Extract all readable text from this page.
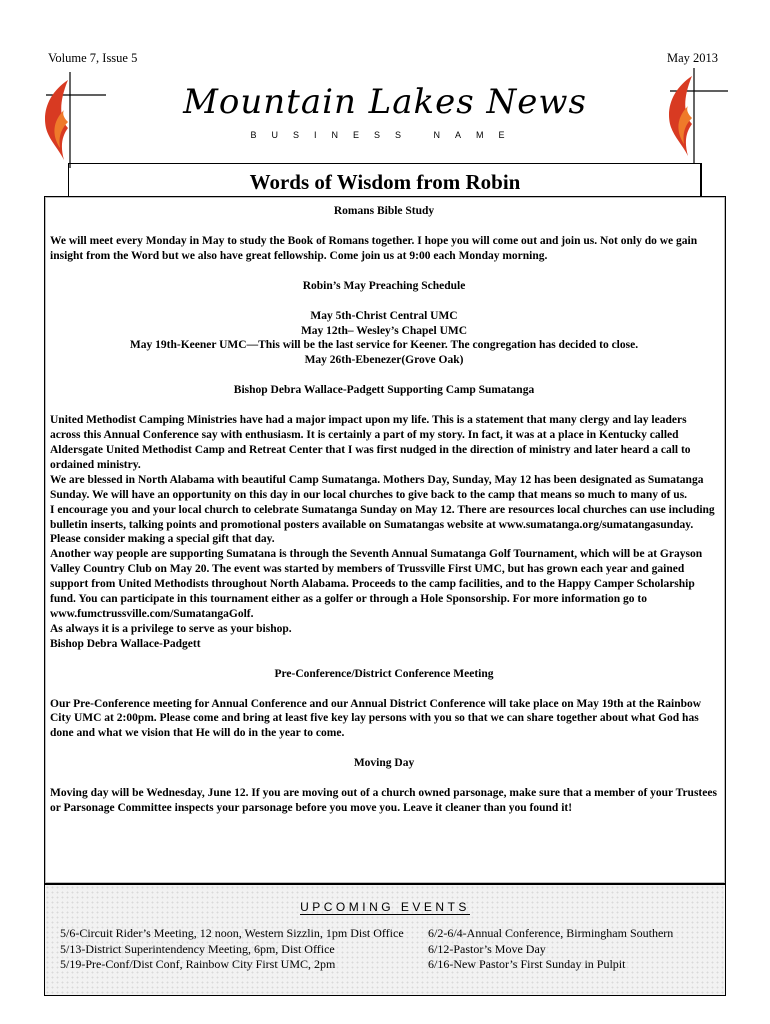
Volume 7, Issue 5	May 2013
Mountain Lakes News
BUSINESS NAME
Words of Wisdom from Robin

Romans Bible Study

We will meet every Monday in May to study the Book of Romans together. I hope you will come out and join us. Not only do we gain insight from the Word but we also have great fellowship. Come join us at 9:00 each Monday morning.

Robin’s May Preaching Schedule

May 5th-Christ Central UMC

May 12th– Wesley’s Chapel UMC

May 19th-Keener UMC—This will be the last service for Keener. The congregation has decided to close.

May 26th-Ebenezer(Grove Oak)

Bishop Debra Wallace-Padgett Supporting Camp Sumatanga

United Methodist Camping Ministries have had a major impact upon my life. This is a statement that many clergy and lay leaders across this Annual Conference say with enthusiasm. It is certainly a part of my story. In fact, it was at a place in Kentucky called Aldersgate United Methodist Camp and Retreat Center that I was first nudged in the direction of ministry and later heard a call to ordained ministry.

We are blessed in North Alabama with beautiful Camp Sumatanga. Mothers Day, Sunday, May 12 has been designated as Sumatanga Sunday. We will have an opportunity on this day in our local churches to give back to the camp that means so much to many of us.

I encourage you and your local church to celebrate Sumatanga Sunday on May 12. There are resources local churches can use including bulletin inserts, talking points and promotional posters available on Sumatangas website at www.sumatanga.org/sumatangasunday. Please consider making a special gift that day.

Another way people are supporting Sumatana is through the Seventh Annual Sumatanga Golf Tournament, which will be at Grayson Valley Country Club on May 20. The event was started by members of Trussville First UMC, but has grown each year and gained support from United Methodists throughout North Alabama. Proceeds to the camp facilities, and to the Happy Camper Scholarship fund. You can participate in this tournament either as a golfer or through a Hole Sponsorship. For more information go to www.fumctrussville.com/SumatangaGolf.

As always it is a privilege to serve as your bishop.

Bishop Debra Wallace-Padgett

Pre-Conference/District Conference Meeting

Our Pre-Conference meeting for Annual Conference and our Annual District Conference will take place on May 19th at the Rainbow City UMC at 2:00pm. Please come and bring at least five key lay persons with you so that we can share together about what God has done and what we vision that He will do in the year to come.

Moving Day

Moving day will be Wednesday, June 12. If you are moving out of a church owned parsonage, make sure that a member of your Trustees or Parsonage Committee inspects your parsonage before you move you. Leave it cleaner than you found it!

UPCOMING EVENTS
5/6-Circuit Rider’s Meeting, 12 noon, Western Sizzlin, 1pm Dist Office
5/13-District Superintendency Meeting, 6pm, Dist Office
5/19-Pre-Conf/Dist Conf, Rainbow City First UMC, 2pm
6/2-6/4-Annual Conference, Birmingham Southern
6/12-Pastor’s Move Day
6/16-New Pastor’s First Sunday in Pulpit
